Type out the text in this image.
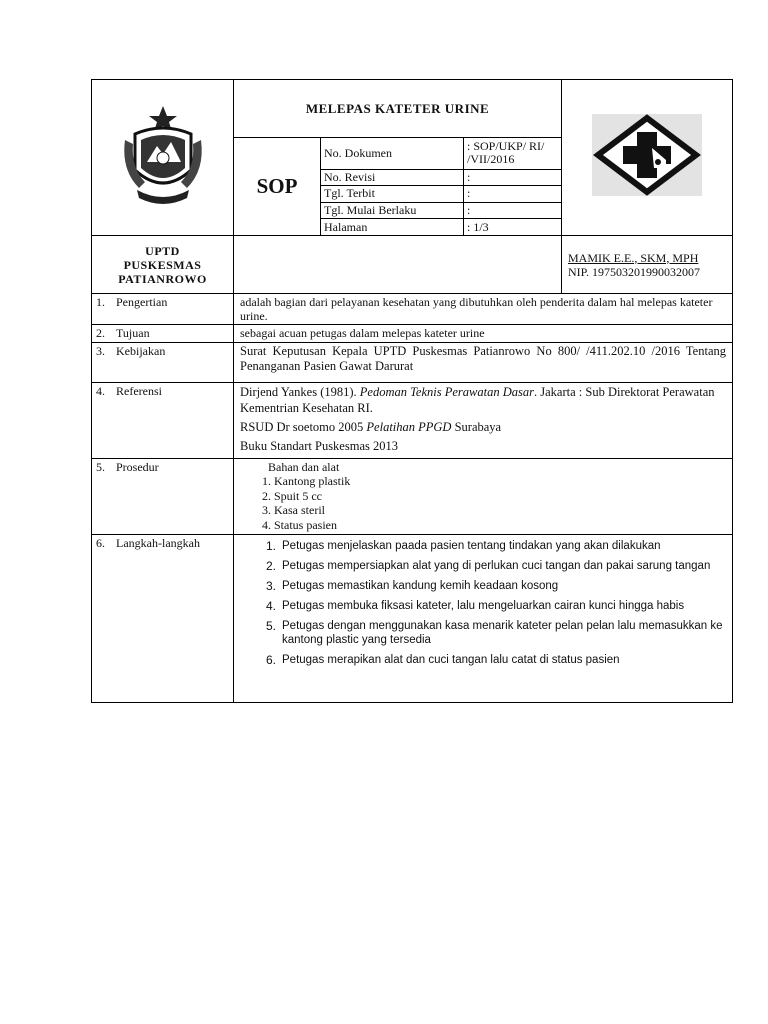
	MELEPAS KATETER URINE	
SOP	
No. Dokumen	: SOP/UKP/ RI/ /VII/2016
No. Revisi	:
Tgl. Terbit	:
Tgl. Mulai Berlaku	:
Halaman	: 1/3

UPTD
PUSKESMAS
PATIANROWO

MAMIK E.E., SKM, MPH
NIP. 197503201990032007

1. Pengertian	adalah bagian dari pelayanan kesehatan yang dibutuhkan oleh penderita dalam hal melepas kateter urine.
2. Tujuan	sebagai acuan petugas dalam melepas kateter urine
3. Kebijakan	Surat Keputusan Kepala UPTD Puskesmas Patianrowo No 800/ /411.202.10 /2016 Tentang Penanganan Pasien Gawat Darurat
4. Referensi	Dirjend Yankes (1981). Pedoman Teknis Perawatan Dasar. Jakarta : Sub Direktorat Perawatan Kementrian Kesehatan RI.

RSUD Dr soetomo 2005 Pelatihan PPGD Surabaya

Buku Standart Puskesmas 2013

5. Prosedur	Bahan dan alat
1. Kantong plastik
2. Spuit 5 cc
3. Kasa steril
4. Status pasien

6. Langkah-langkah	1. Petugas menjelaskan paada pasien tentang tindakan yang akan dilakukan
2. Petugas mempersiapkan alat yang di perlukan cuci tangan dan pakai sarung tangan
3. Petugas memastikan kandung kemih keadaan kosong
4. Petugas membuka fiksasi kateter, lalu mengeluarkan cairan kunci hingga habis
5. Petugas dengan menggunakan kasa menarik kateter pelan pelan lalu memasukkan ke kantong plastic yang tersedia
6. Petugas merapikan alat dan cuci tangan lalu catat di status pasien
